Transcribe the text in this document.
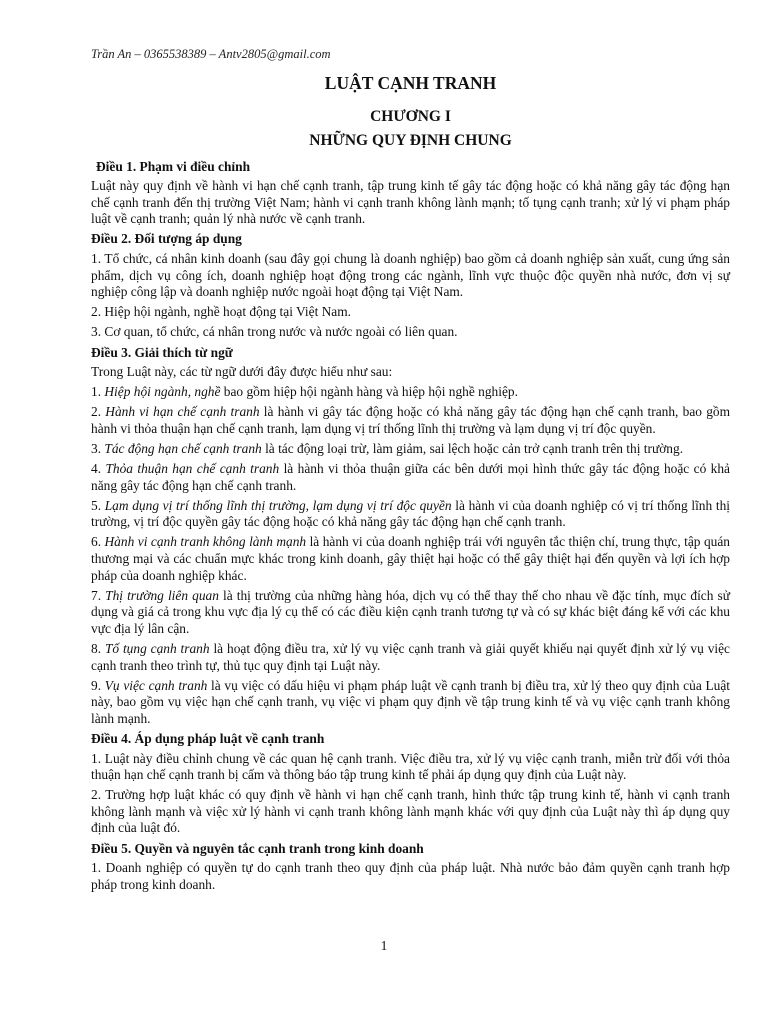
Trần An – 0365538389 – Antv2805@gmail.com
LUẬT CẠNH TRANH
CHƯƠNG I
NHỮNG QUY ĐỊNH CHUNG
Điều 1. Phạm vi điều chỉnh

Luật này quy định về hành vi hạn chế cạnh tranh, tập trung kinh tế gây tác động hoặc có khả năng gây tác động hạn chế cạnh tranh đến thị trường Việt Nam; hành vi cạnh tranh không lành mạnh; tố tụng cạnh tranh; xử lý vi phạm pháp luật về cạnh tranh; quản lý nhà nước về cạnh tranh.

Điều 2. Đối tượng áp dụng

1. Tổ chức, cá nhân kinh doanh (sau đây gọi chung là doanh nghiệp) bao gồm cả doanh nghiệp sản xuất, cung ứng sản phẩm, dịch vụ công ích, doanh nghiệp hoạt động trong các ngành, lĩnh vực thuộc độc quyền nhà nước, đơn vị sự nghiệp công lập và doanh nghiệp nước ngoài hoạt động tại Việt Nam.

2. Hiệp hội ngành, nghề hoạt động tại Việt Nam.

3. Cơ quan, tổ chức, cá nhân trong nước và nước ngoài có liên quan.

Điều 3. Giải thích từ ngữ

Trong Luật này, các từ ngữ dưới đây được hiểu như sau:

1. Hiệp hội ngành, nghề bao gồm hiệp hội ngành hàng và hiệp hội nghề nghiệp.

2. Hành vi hạn chế cạnh tranh là hành vi gây tác động hoặc có khả năng gây tác động hạn chế cạnh tranh, bao gồm hành vi thỏa thuận hạn chế cạnh tranh, lạm dụng vị trí thống lĩnh thị trường và lạm dụng vị trí độc quyền.

3. Tác động hạn chế cạnh tranh là tác động loại trừ, làm giảm, sai lệch hoặc cản trở cạnh tranh trên thị trường.

4. Thỏa thuận hạn chế cạnh tranh là hành vi thỏa thuận giữa các bên dưới mọi hình thức gây tác động hoặc có khả năng gây tác động hạn chế cạnh tranh.

5. Lạm dụng vị trí thống lĩnh thị trường, lạm dụng vị trí độc quyền là hành vi của doanh nghiệp có vị trí thống lĩnh thị trường, vị trí độc quyền gây tác động hoặc có khả năng gây tác động hạn chế cạnh tranh.

6. Hành vi cạnh tranh không lành mạnh là hành vi của doanh nghiệp trái với nguyên tắc thiện chí, trung thực, tập quán thương mại và các chuẩn mực khác trong kinh doanh, gây thiệt hại hoặc có thể gây thiệt hại đến quyền và lợi ích hợp pháp của doanh nghiệp khác.

7. Thị trường liên quan là thị trường của những hàng hóa, dịch vụ có thể thay thế cho nhau về đặc tính, mục đích sử dụng và giá cả trong khu vực địa lý cụ thể có các điều kiện cạnh tranh tương tự và có sự khác biệt đáng kể với các khu vực địa lý lân cận.

8. Tố tụng cạnh tranh là hoạt động điều tra, xử lý vụ việc cạnh tranh và giải quyết khiếu nại quyết định xử lý vụ việc cạnh tranh theo trình tự, thủ tục quy định tại Luật này.

9. Vụ việc cạnh tranh là vụ việc có dấu hiệu vi phạm pháp luật về cạnh tranh bị điều tra, xử lý theo quy định của Luật này, bao gồm vụ việc hạn chế cạnh tranh, vụ việc vi phạm quy định về tập trung kinh tế và vụ việc cạnh tranh không lành mạnh.

Điều 4. Áp dụng pháp luật về cạnh tranh

1. Luật này điều chỉnh chung về các quan hệ cạnh tranh. Việc điều tra, xử lý vụ việc cạnh tranh, miễn trừ đối với thỏa thuận hạn chế cạnh tranh bị cấm và thông báo tập trung kinh tế phải áp dụng quy định của Luật này.

2. Trường hợp luật khác có quy định về hành vi hạn chế cạnh tranh, hình thức tập trung kinh tế, hành vi cạnh tranh không lành mạnh và việc xử lý hành vi cạnh tranh không lành mạnh khác với quy định của Luật này thì áp dụng quy định của luật đó.

Điều 5. Quyền và nguyên tắc cạnh tranh trong kinh doanh

1. Doanh nghiệp có quyền tự do cạnh tranh theo quy định của pháp luật. Nhà nước bảo đảm quyền cạnh tranh hợp pháp trong kinh doanh.

1
